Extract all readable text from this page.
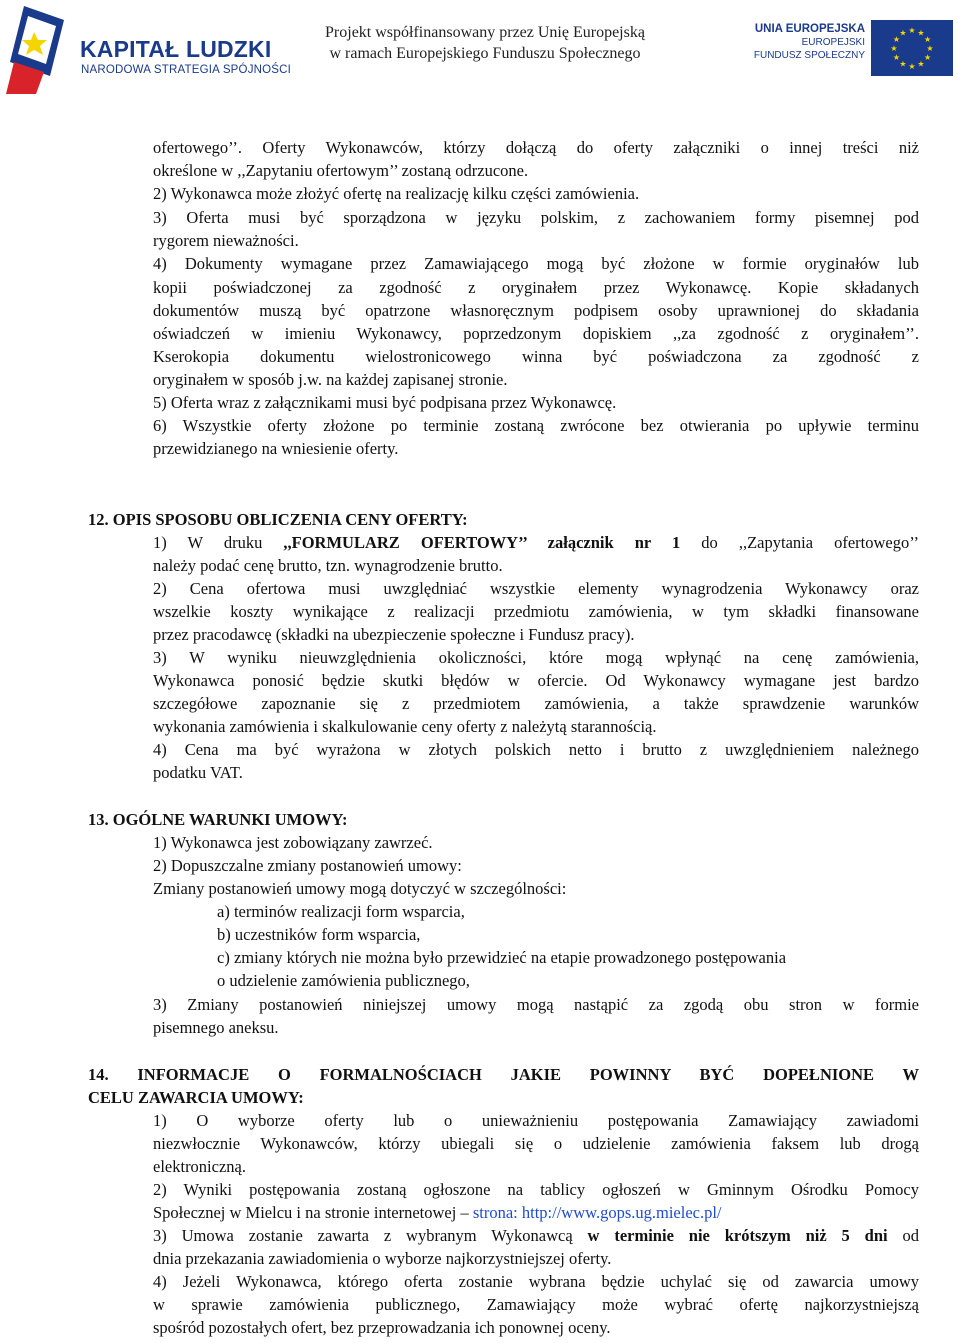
KAPITAŁ LUDZKI
NARODOWA STRATEGIA SPÓJNOŚCI
Projekt współfinansowany przez Unię Europejską
w ramach Europejskiego Funduszu Społecznego
UNIA EUROPEJSKA
EUROPEJSKI
FUNDUSZ SPOŁECZNY
★
★
★
★
★
★
★
★
★ ★ ★
★
ofertowego’’. Oferty Wykonawców, którzy dołączą do oferty załączniki o innej treści niż
określone w ,,Zapytaniu ofertowym’’ zostaną odrzucone.
2) Wykonawca może złożyć ofertę na realizację kilku części zamówienia.
3) Oferta musi być sporządzona w języku polskim, z zachowaniem formy pisemnej pod
rygorem nieważności.
4) Dokumenty wymagane przez Zamawiającego mogą być złożone w formie oryginałów lub
kopii poświadczonej za zgodność z oryginałem przez Wykonawcę. Kopie składanych
dokumentów muszą być opatrzone własnoręcznym podpisem osoby uprawnionej do składania
oświadczeń w imieniu Wykonawcy, poprzedzonym dopiskiem ,,za zgodność z oryginałem’’.
Kserokopia dokumentu wielostronicowego winna być poświadczona za zgodność z
oryginałem w sposób j.w. na każdej zapisanej stronie.
5) Oferta wraz z załącznikami musi być podpisana przez Wykonawcę.
6) Wszystkie oferty złożone po terminie zostaną zwrócone bez otwierania po upływie terminu
przewidzianego na wniesienie oferty.
12. OPIS SPOSOBU OBLICZENIA CENY OFERTY:
1) W druku ,,FORMULARZ OFERTOWY’’ załącznik nr 1 do ,,Zapytania ofertowego’’
należy podać cenę brutto, tzn. wynagrodzenie brutto.
2) Cena ofertowa musi uwzględniać wszystkie elementy wynagrodzenia Wykonawcy oraz
wszelkie koszty wynikające z realizacji przedmiotu zamówienia, w tym składki finansowane
przez pracodawcę (składki na ubezpieczenie społeczne i Fundusz pracy).
3) W wyniku nieuwzględnienia okoliczności, które mogą wpłynąć na cenę zamówienia,
Wykonawca ponosić będzie skutki błędów w ofercie. Od Wykonawcy wymagane jest bardzo
szczegółowe zapoznanie się z przedmiotem zamówienia, a także sprawdzenie warunków
wykonania zamówienia i skalkulowanie ceny oferty z należytą starannością.
4) Cena ma być wyrażona w złotych polskich netto i brutto z uwzględnieniem należnego
podatku VAT.
13. OGÓLNE WARUNKI UMOWY:
1) Wykonawca jest zobowiązany zawrzeć.
2) Dopuszczalne zmiany postanowień umowy:
Zmiany postanowień umowy mogą dotyczyć w szczególności:
a) terminów realizacji form wsparcia,
b) uczestników form wsparcia,
c) zmiany których nie można było przewidzieć na etapie prowadzonego postępowania
o udzielenie zamówienia publicznego,
3) Zmiany postanowień niniejszej umowy mogą nastąpić za zgodą obu stron w formie
pisemnego aneksu.
14. INFORMACJE O FORMALNOŚCIACH JAKIE POWINNY BYĆ DOPEŁNIONE W
CELU ZAWARCIA UMOWY:
1) O wyborze oferty lub o unieważnieniu postępowania Zamawiający zawiadomi
niezwłocznie Wykonawców, którzy ubiegali się o udzielenie zamówienia faksem lub drogą
elektroniczną.
2) Wyniki postępowania zostaną ogłoszone na tablicy ogłoszeń w Gminnym Ośrodku Pomocy
Społecznej w Mielcu i na stronie internetowej – strona: http://www.gops.ug.mielec.pl/
3) Umowa zostanie zawarta z wybranym Wykonawcą w terminie nie krótszym niż 5 dni od
dnia przekazania zawiadomienia o wyborze najkorzystniejszej oferty.
4) Jeżeli Wykonawca, którego oferta zostanie wybrana będzie uchylać się od zawarcia umowy
w sprawie zamówienia publicznego, Zamawiający może wybrać ofertę najkorzystniejszą
spośród pozostałych ofert, bez przeprowadzania ich ponownej oceny.
